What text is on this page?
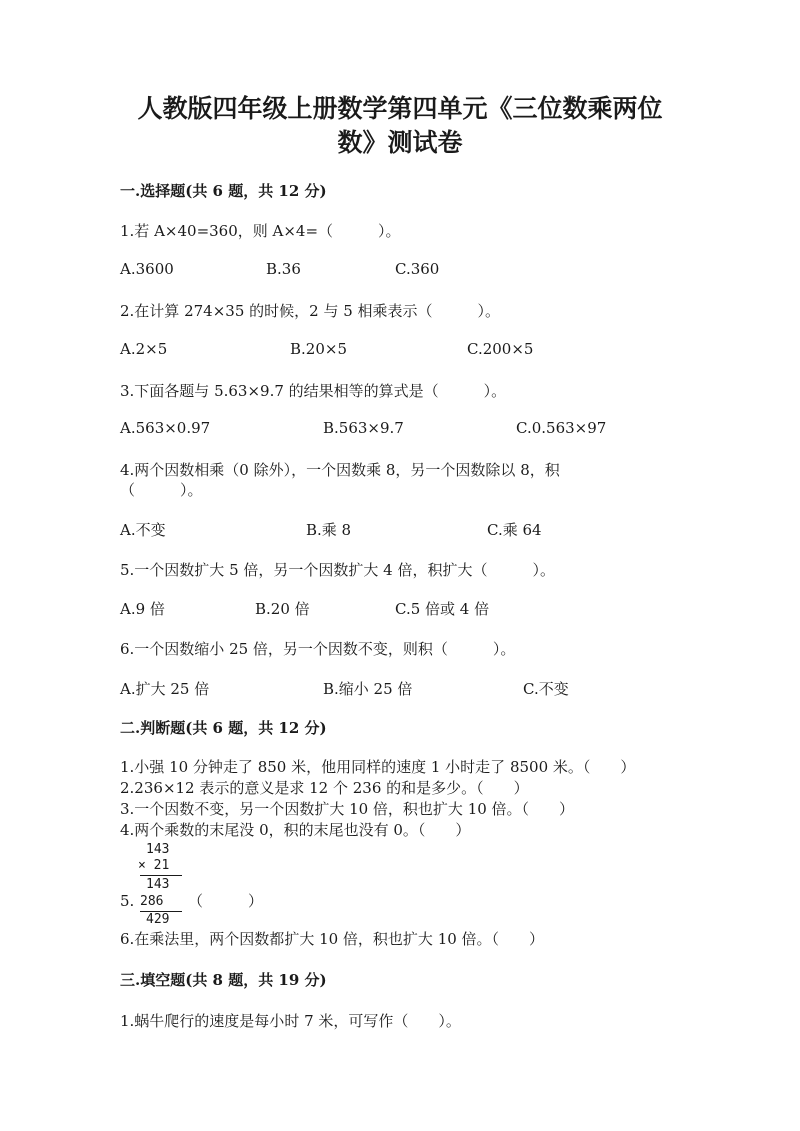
人教版四年级上册数学第四单元《三位数乘两位
数》测试卷
一.选择题(共 6 题，共 12 分)
1.若 A×40=360，则 A×4=（　　　）。
A.3600	B.36	C.360
2.在计算 274×35 的时候，2 与 5 相乘表示（　　　）。
A.2×5	B.20×5	C.200×5
3.下面各题与 5.63×9.7 的结果相等的算式是（　　　）。
A.563×0.97	B.563×9.7	C.0.563×97
4.两个因数相乘（0 除外），一个因数乘 8，另一个因数除以 8，积
（　　　）。
A.不变	B.乘 8	C.乘 64
5.一个因数扩大 5 倍，另一个因数扩大 4 倍，积扩大（　　　）。
A.9 倍	B.20 倍	C.5 倍或 4 倍
6.一个因数缩小 25 倍，另一个因数不变，则积（　　　）。
A.扩大 25 倍	B.缩小 25 倍	C.不变
二.判断题(共 6 题，共 12 分)
1.小强 10 分钟走了 850 米，他用同样的速度 1 小时走了 8500 米。（　　）
2.236×12 表示的意义是求 12 个 236 的和是多少。（　　）
3.一个因数不变，另一个因数扩大 10 倍，积也扩大 10 倍。（　　）
4.两个乘数的末尾没 0，积的末尾也没有 0。（　　）
143
× 21
143
286
429
5.	（　　　）
6.在乘法里，两个因数都扩大 10 倍，积也扩大 10 倍。（　　）
三.填空题(共 8 题，共 19 分)
1.蜗牛爬行的速度是每小时 7 米，可写作（　　）。
